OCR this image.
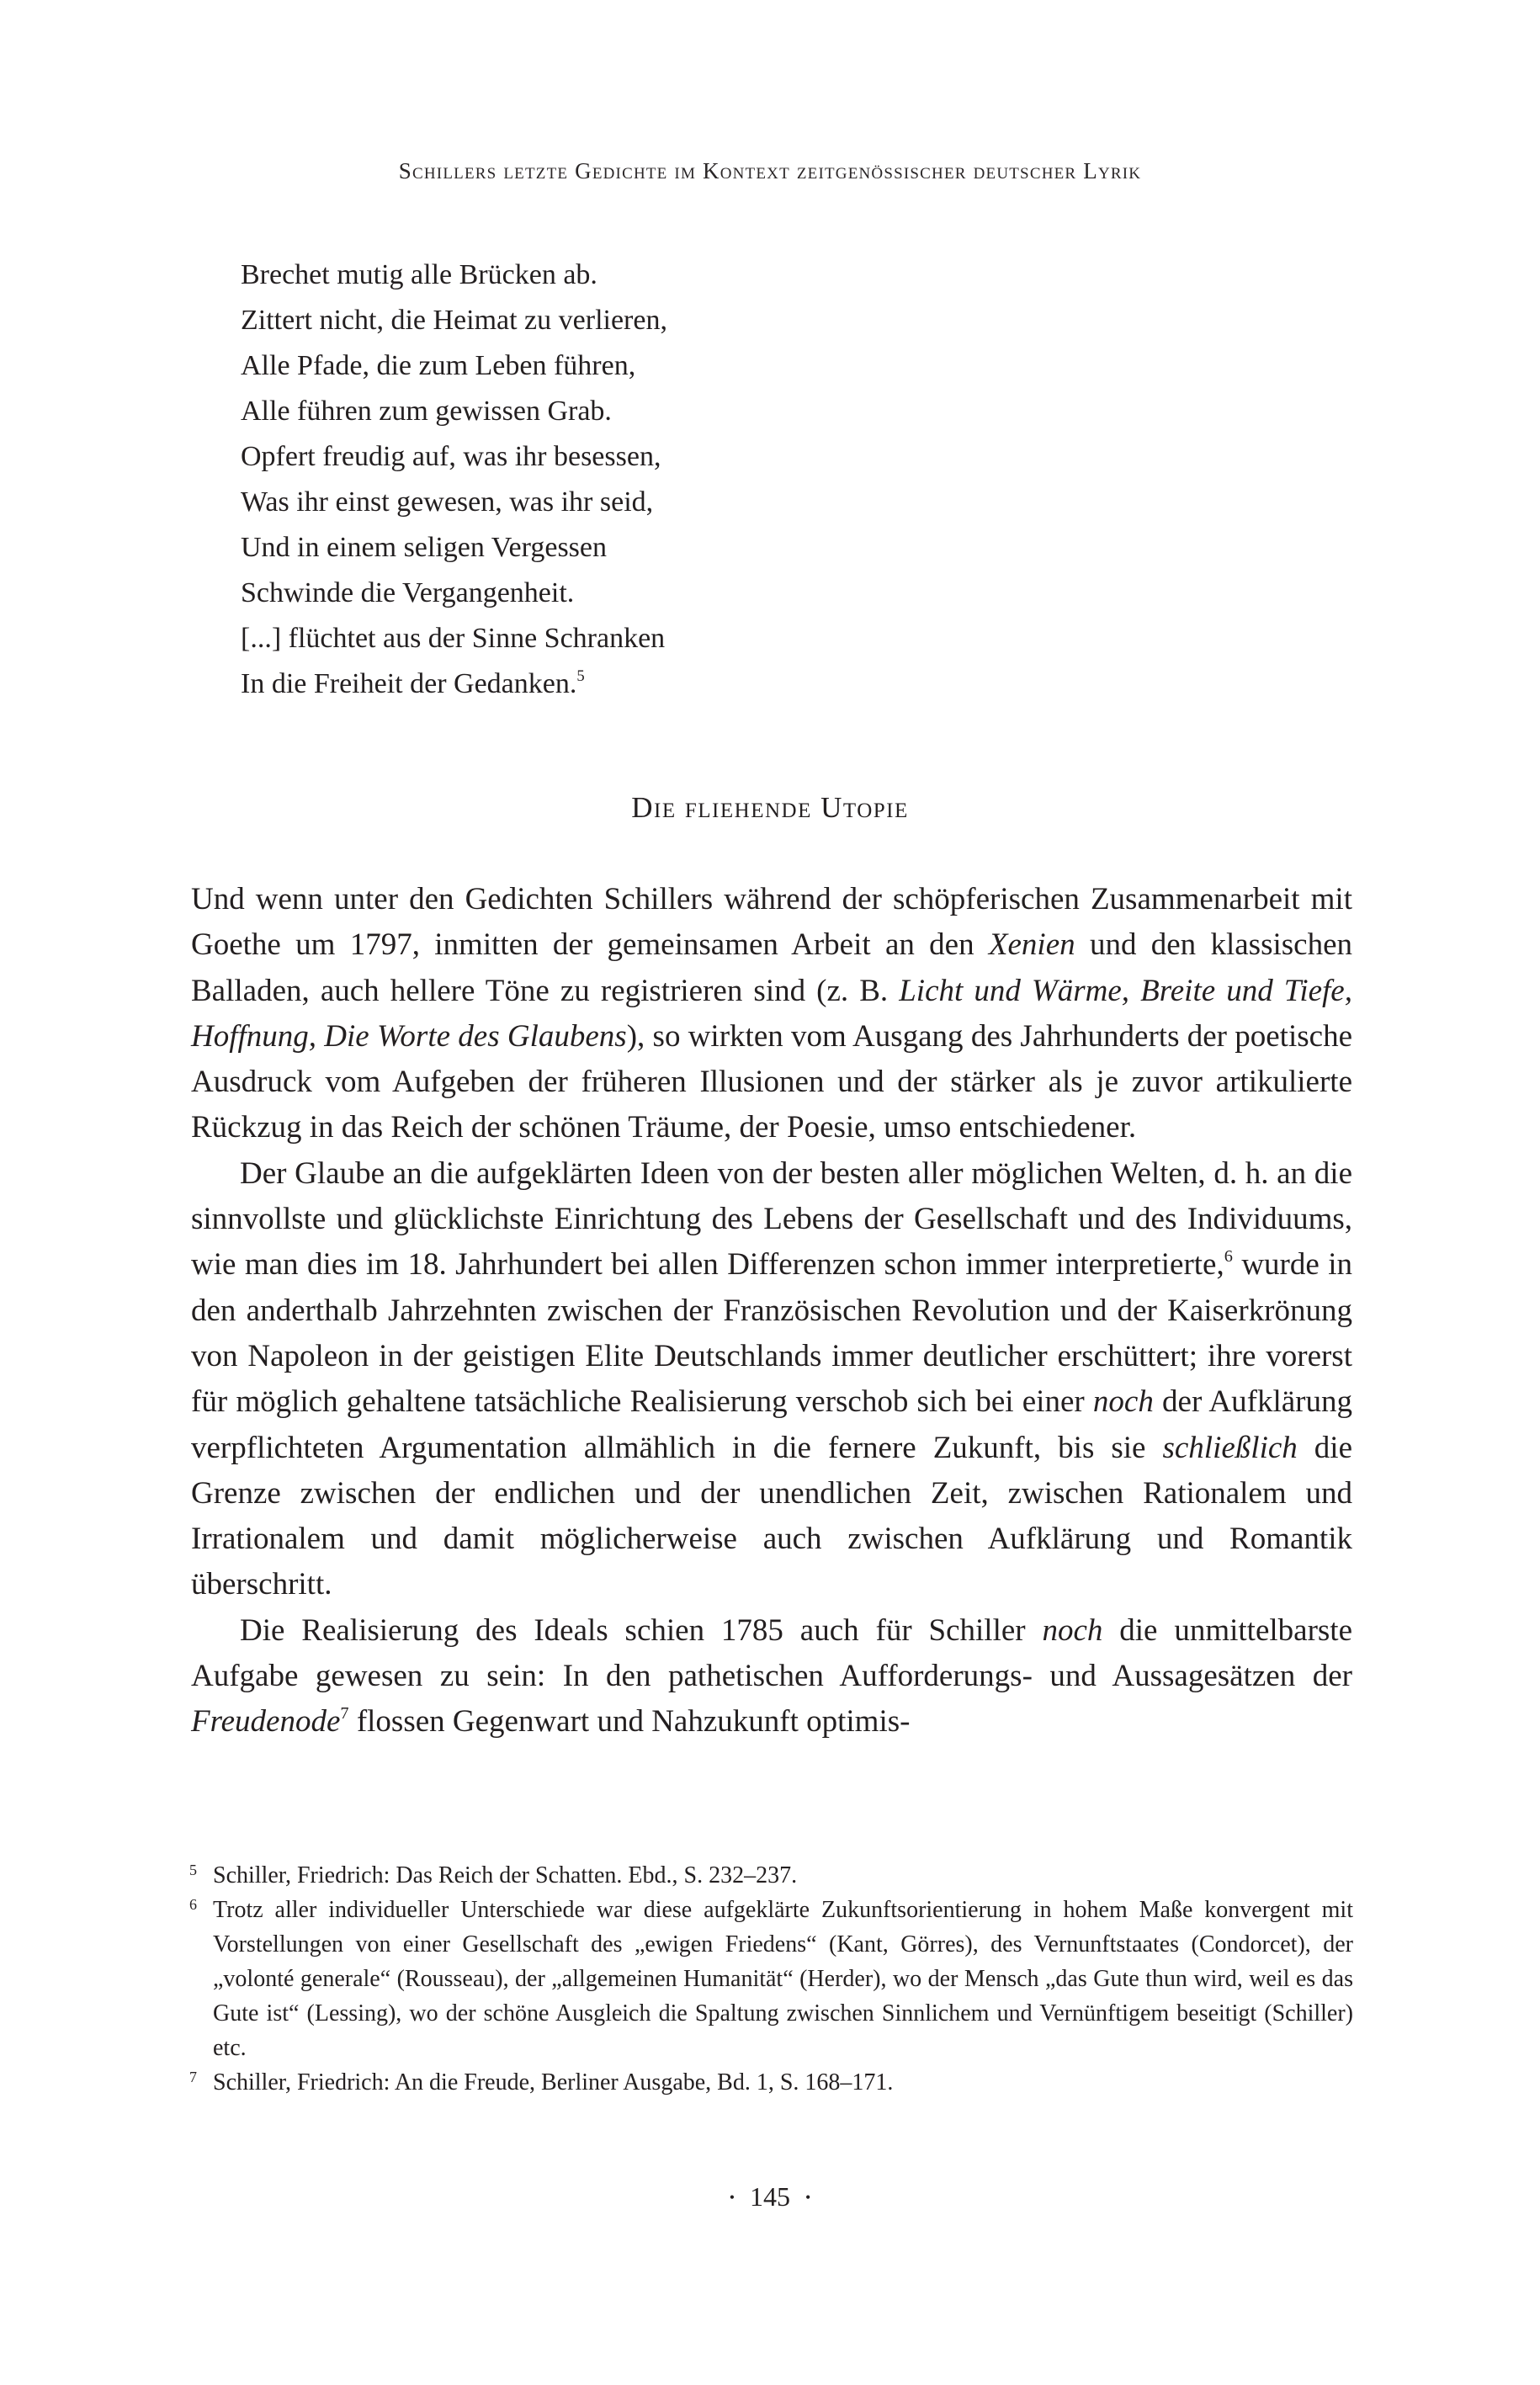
Schillers letzte Gedichte im Kontext zeitgenössischer deutscher Lyrik
Brechet mutig alle Brücken ab.
Zittert nicht, die Heimat zu verlieren,
Alle Pfade, die zum Leben führen,
Alle führen zum gewissen Grab.
Opfert freudig auf, was ihr besessen,
Was ihr einst gewesen, was ihr seid,
Und in einem seligen Vergessen
Schwinde die Vergangenheit.
[...] flüchtet aus der Sinne Schranken
In die Freiheit der Gedanken.$^5$
Die fliehende Utopie

Und wenn unter den Gedichten Schillers während der schöpferischen Zusammenarbeit mit Goethe um 1797, inmitten der gemeinsamen Arbeit an den Xenien und den klassischen Balladen, auch hellere Töne zu registrieren sind (z. B. Licht und Wärme, Breite und Tiefe, Hoffnung, Die Worte des Glaubens), so wirkten vom Ausgang des Jahrhunderts der poetische Ausdruck vom Aufgeben der früheren Illusionen und der stärker als je zuvor artikulierte Rückzug in das Reich der schönen Träume, der Poesie, umso entschiedener.

Der Glaube an die aufgeklärten Ideen von der besten aller möglichen Welten, d. h. an die sinnvollste und glücklichste Einrichtung des Lebens der Gesellschaft und des Individuums, wie man dies im 18. Jahrhundert bei allen Differenzen schon immer interpretierte,$^6$ wurde in den anderthalb Jahrzehnten zwischen der Französischen Revolution und der Kaiserkrönung von Napoleon in der geistigen Elite Deutschlands immer deutlicher erschüttert; ihre vorerst für möglich gehaltene tatsächliche Realisierung verschob sich bei einer noch der Aufklärung verpflichteten Argumentation allmählich in die fernere Zukunft, bis sie schließlich die Grenze zwischen der endlichen und der unendlichen Zeit, zwischen Rationalem und Irrationalem und damit möglicherweise auch zwischen Aufklärung und Romantik überschritt.

Die Realisierung des Ideals schien 1785 auch für Schiller noch die unmittelbarste Aufgabe gewesen zu sein: In den pathetischen Aufforderungs- und Aussagesätzen der Freudenode$^7$ flossen Gegenwart und Nahzukunft optimis-

5 Schiller, Friedrich: Das Reich der Schatten. Ebd., S. 232–237.
6 Trotz aller individueller Unterschiede war diese aufgeklärte Zukunftsorientierung in hohem Maße konvergent mit Vorstellungen von einer Gesellschaft des „ewigen Friedens“ (Kant, Görres), des Vernunftstaates (Condorcet), der „volonté generale“ (Rousseau), der „allgemeinen Humanität“ (Herder), wo der Mensch „das Gute thun wird, weil es das Gute ist“ (Lessing), wo der schöne Ausgleich die Spaltung zwischen Sinnlichem und Vernünftigem beseitigt (Schiller) etc.
7 Schiller, Friedrich: An die Freude, Berliner Ausgabe, Bd. 1, S. 168–171.
• 145 •
